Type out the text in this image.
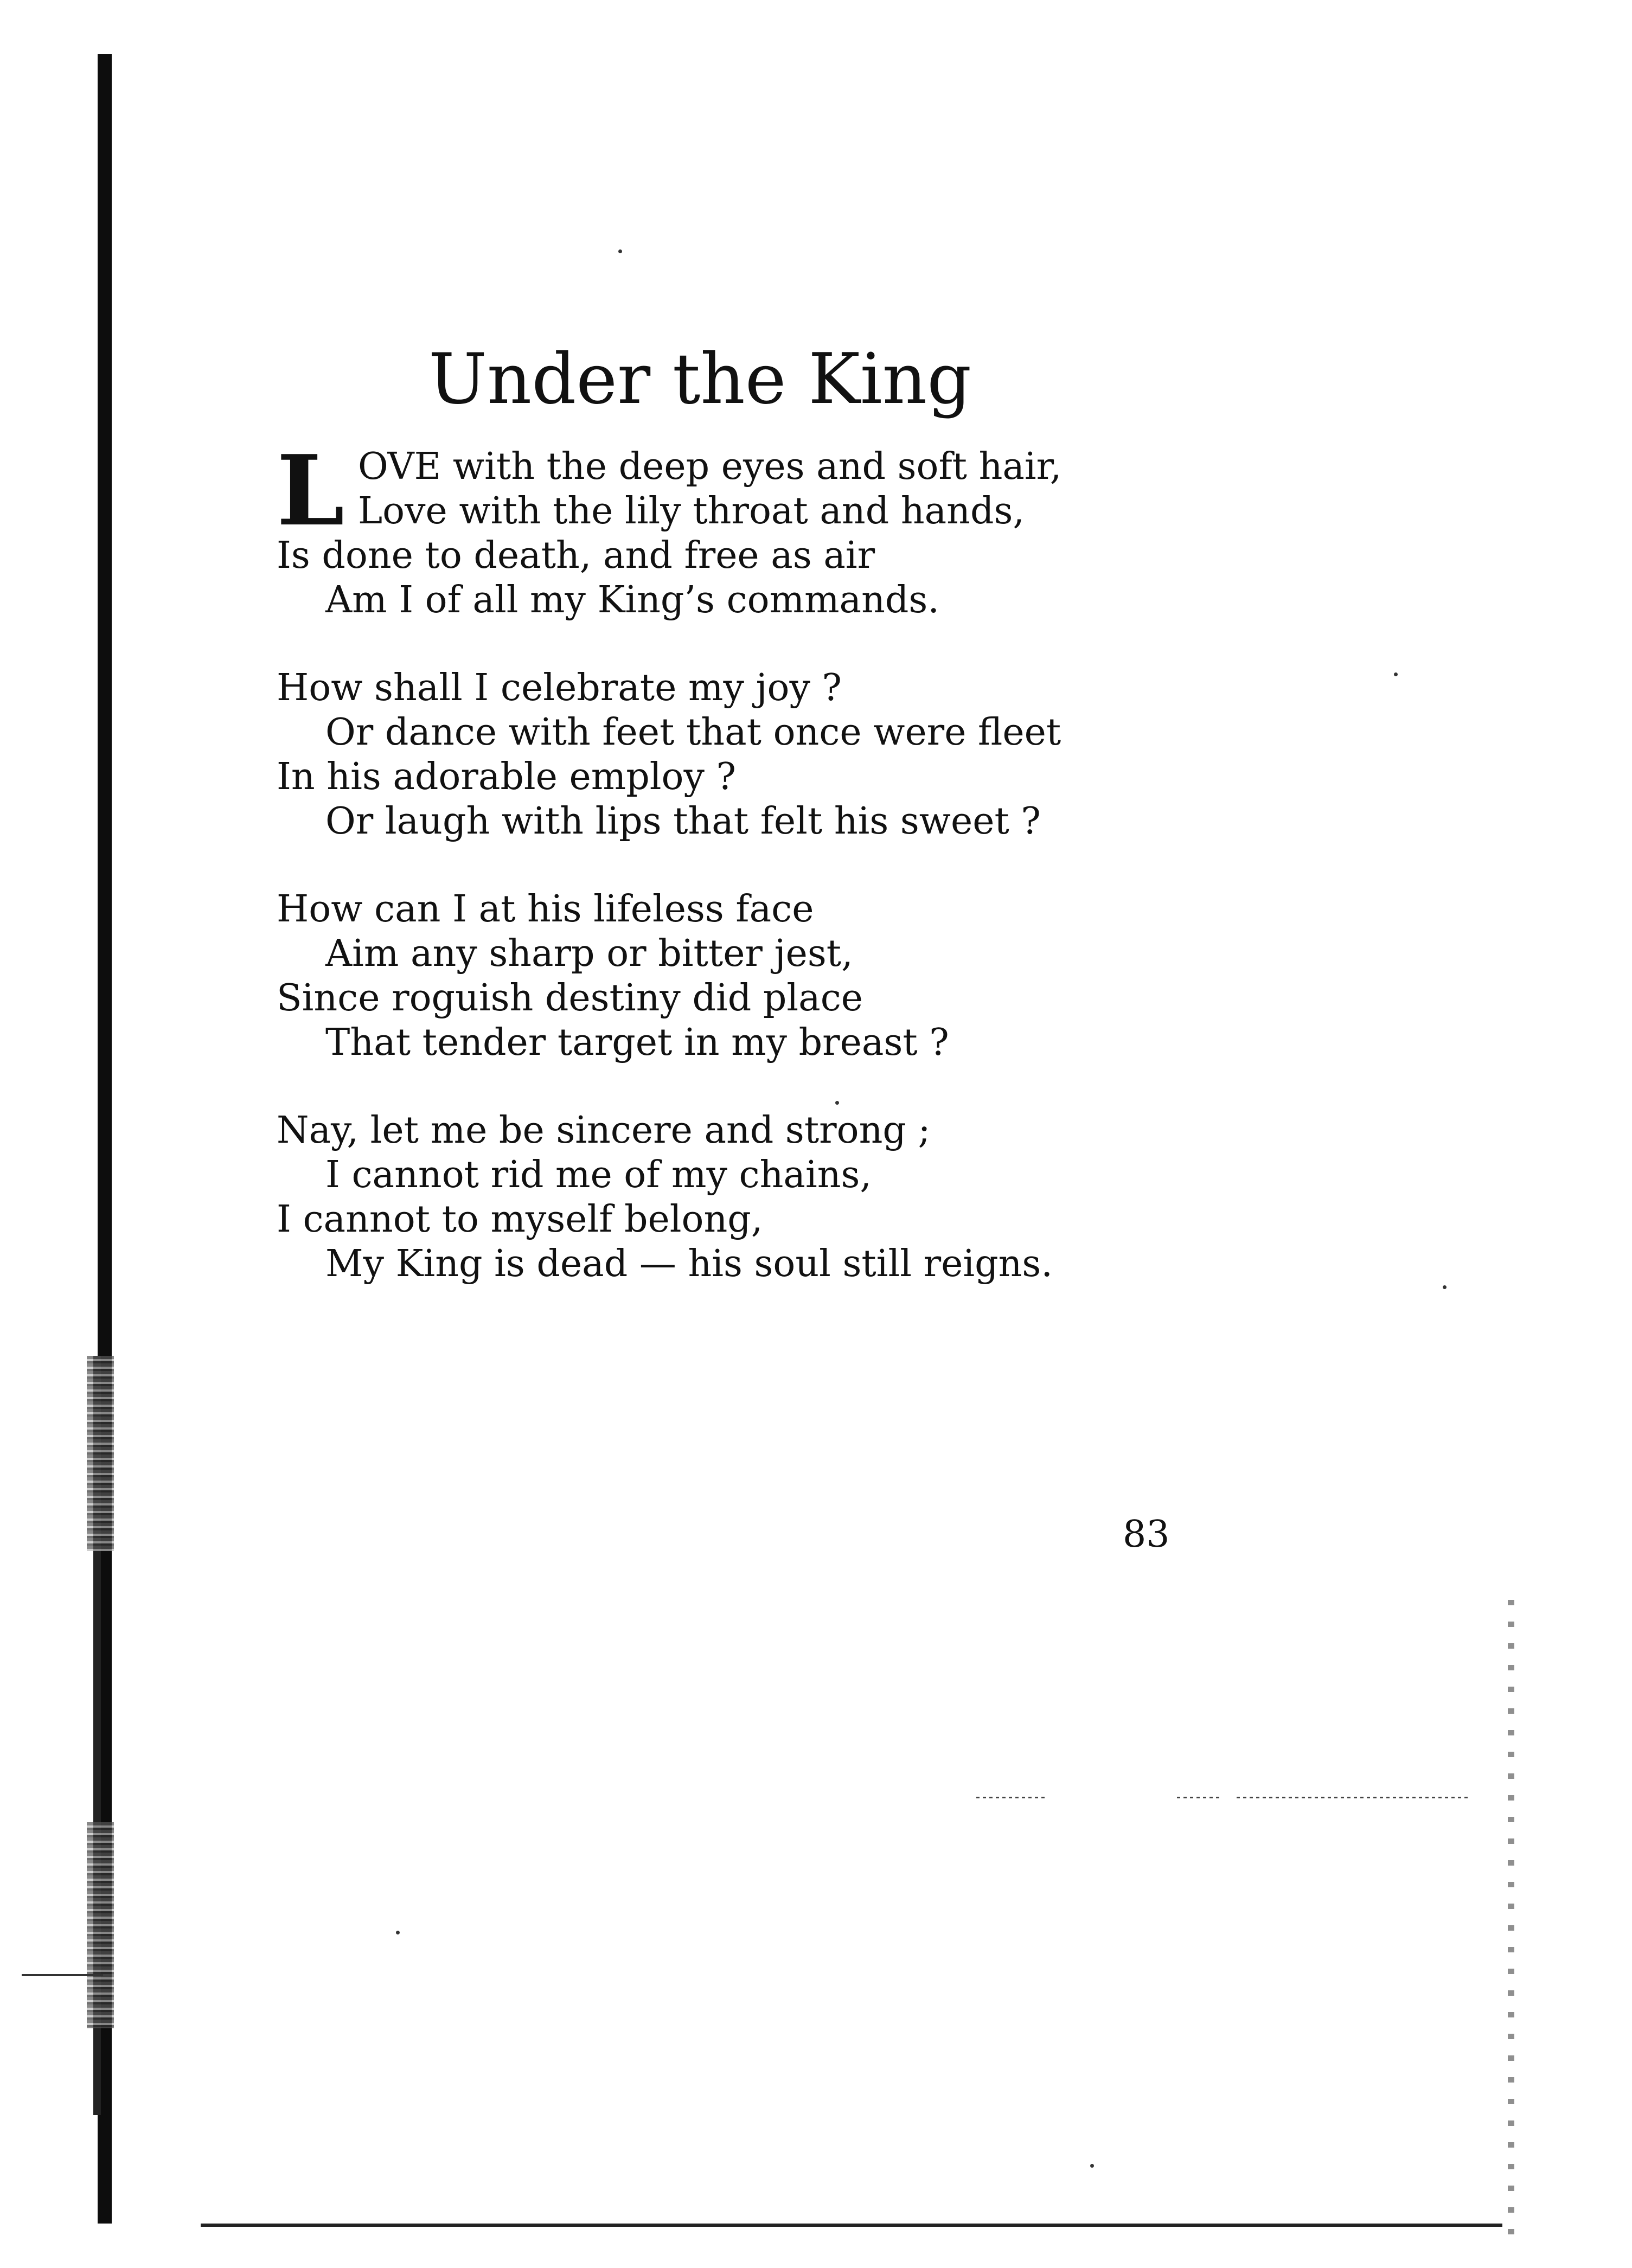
Under the King
L OVE with the deep eyes and soft hair,
Love with the lily throat and hands,
Is done to death, and free as air
Am I of all my King’s commands.
How shall I celebrate my joy ?
Or dance with feet that once were fleet
In his adorable employ ?
Or laugh with lips that felt his sweet ?
How can I at his lifeless face
Aim any sharp or bitter jest,
Since roguish destiny did place
That tender target in my breast ?
Nay, let me be sincere and strong ;
I cannot rid me of my chains,
I cannot to myself belong,
My King is dead — his soul still reigns.
83
